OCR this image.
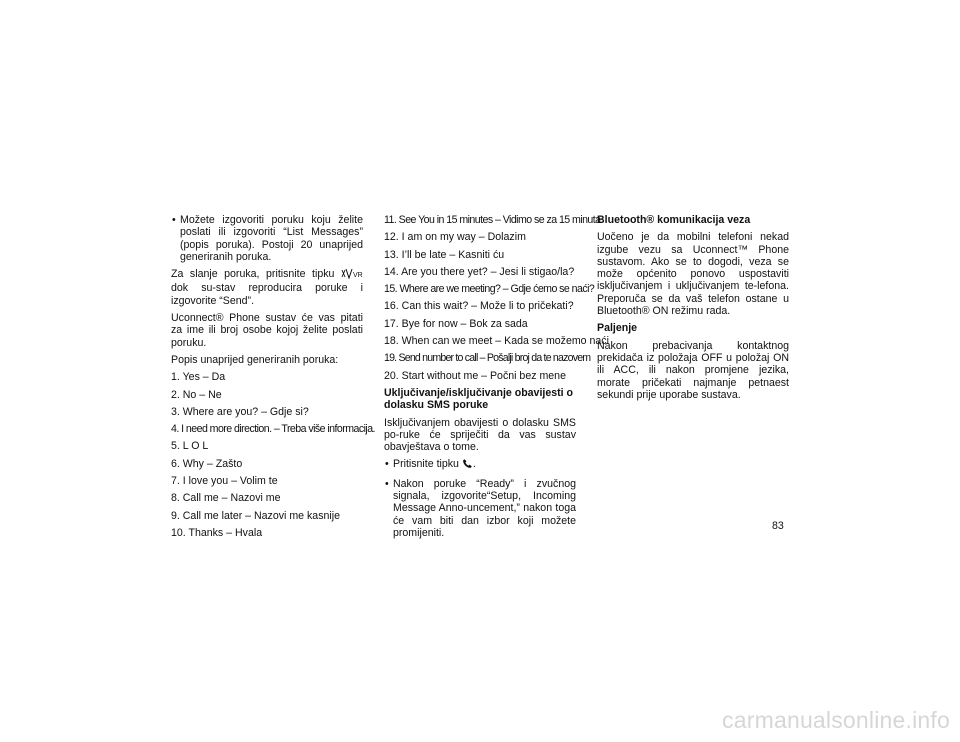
• Možete izgovoriti poruku koju želite poslati ili izgovoriti “List Messages” (popis poruka). Postoji 20 unaprijed generiranih poruka.

Za slanje poruka, pritisnite tipku	VR
dok su-stav reproducira poruke i izgovorite “Send”.

Uconnect® Phone sustav će vas pitati za ime ili broj osobe kojoj želite poslati poruku.

Popis unaprijed generiranih poruka:

1. Yes – Da
2. No – Ne
3. Where are you? – Gdje si?
4. I need more direction. – Treba više informacija.
5. L O L
6. Why – Zašto
7. I love you – Volim te
8. Call me – Nazovi me
9. Call me later – Nazovi me kasnije
10. Thanks – Hvala
11. See You in 15 minutes – Vidimo se za 15 minuta
12. I am on my way – Dolazim
13. I’ll be late – Kasniti ću
14. Are you there yet? – Jesi li stigao/la?
15. Where are we meeting? – Gdje ćemo se naći?
16. Can this wait? – Može li to pričekati?
17. Bye for now – Bok za sada
18. When can we meet – Kada se možemo naći
19. Send number to call – Pošalji broj da te nazovem
20. Start without me – Počni bez mene
Uključivanje/isključivanje obavijesti o dolasku SMS poruke

Isključivanjem obavijesti o dolasku SMS po-ruke će spriječiti da vas sustav obavještava o tome.

• Pritisnite tipku .
• Nakon poruke “Ready” i zvučnog signala, izgovorite“Setup, Incoming Message Anno-uncement,” nakon toga će vam biti dan izbor koji možete promijeniti.
Bluetooth® komunikacija veza

Uočeno je da mobilni telefoni nekad izgube vezu sa Uconnect™ Phone sustavom. Ako se to dogodi, veza se može općenito ponovo uspostaviti isključivanjem i uključivanjem te-lefona. Preporuča se da vaš telefon ostane u Bluetooth® ON režimu rada.

Paljenje

Nakon prebacivanja kontaktnog prekidača iz položaja OFF u položaj ON ili ACC, ili nakon promjene jezika, morate pričekati najmanje petnaest sekundi prije uporabe sustava.

83
carmanualsonline.info
